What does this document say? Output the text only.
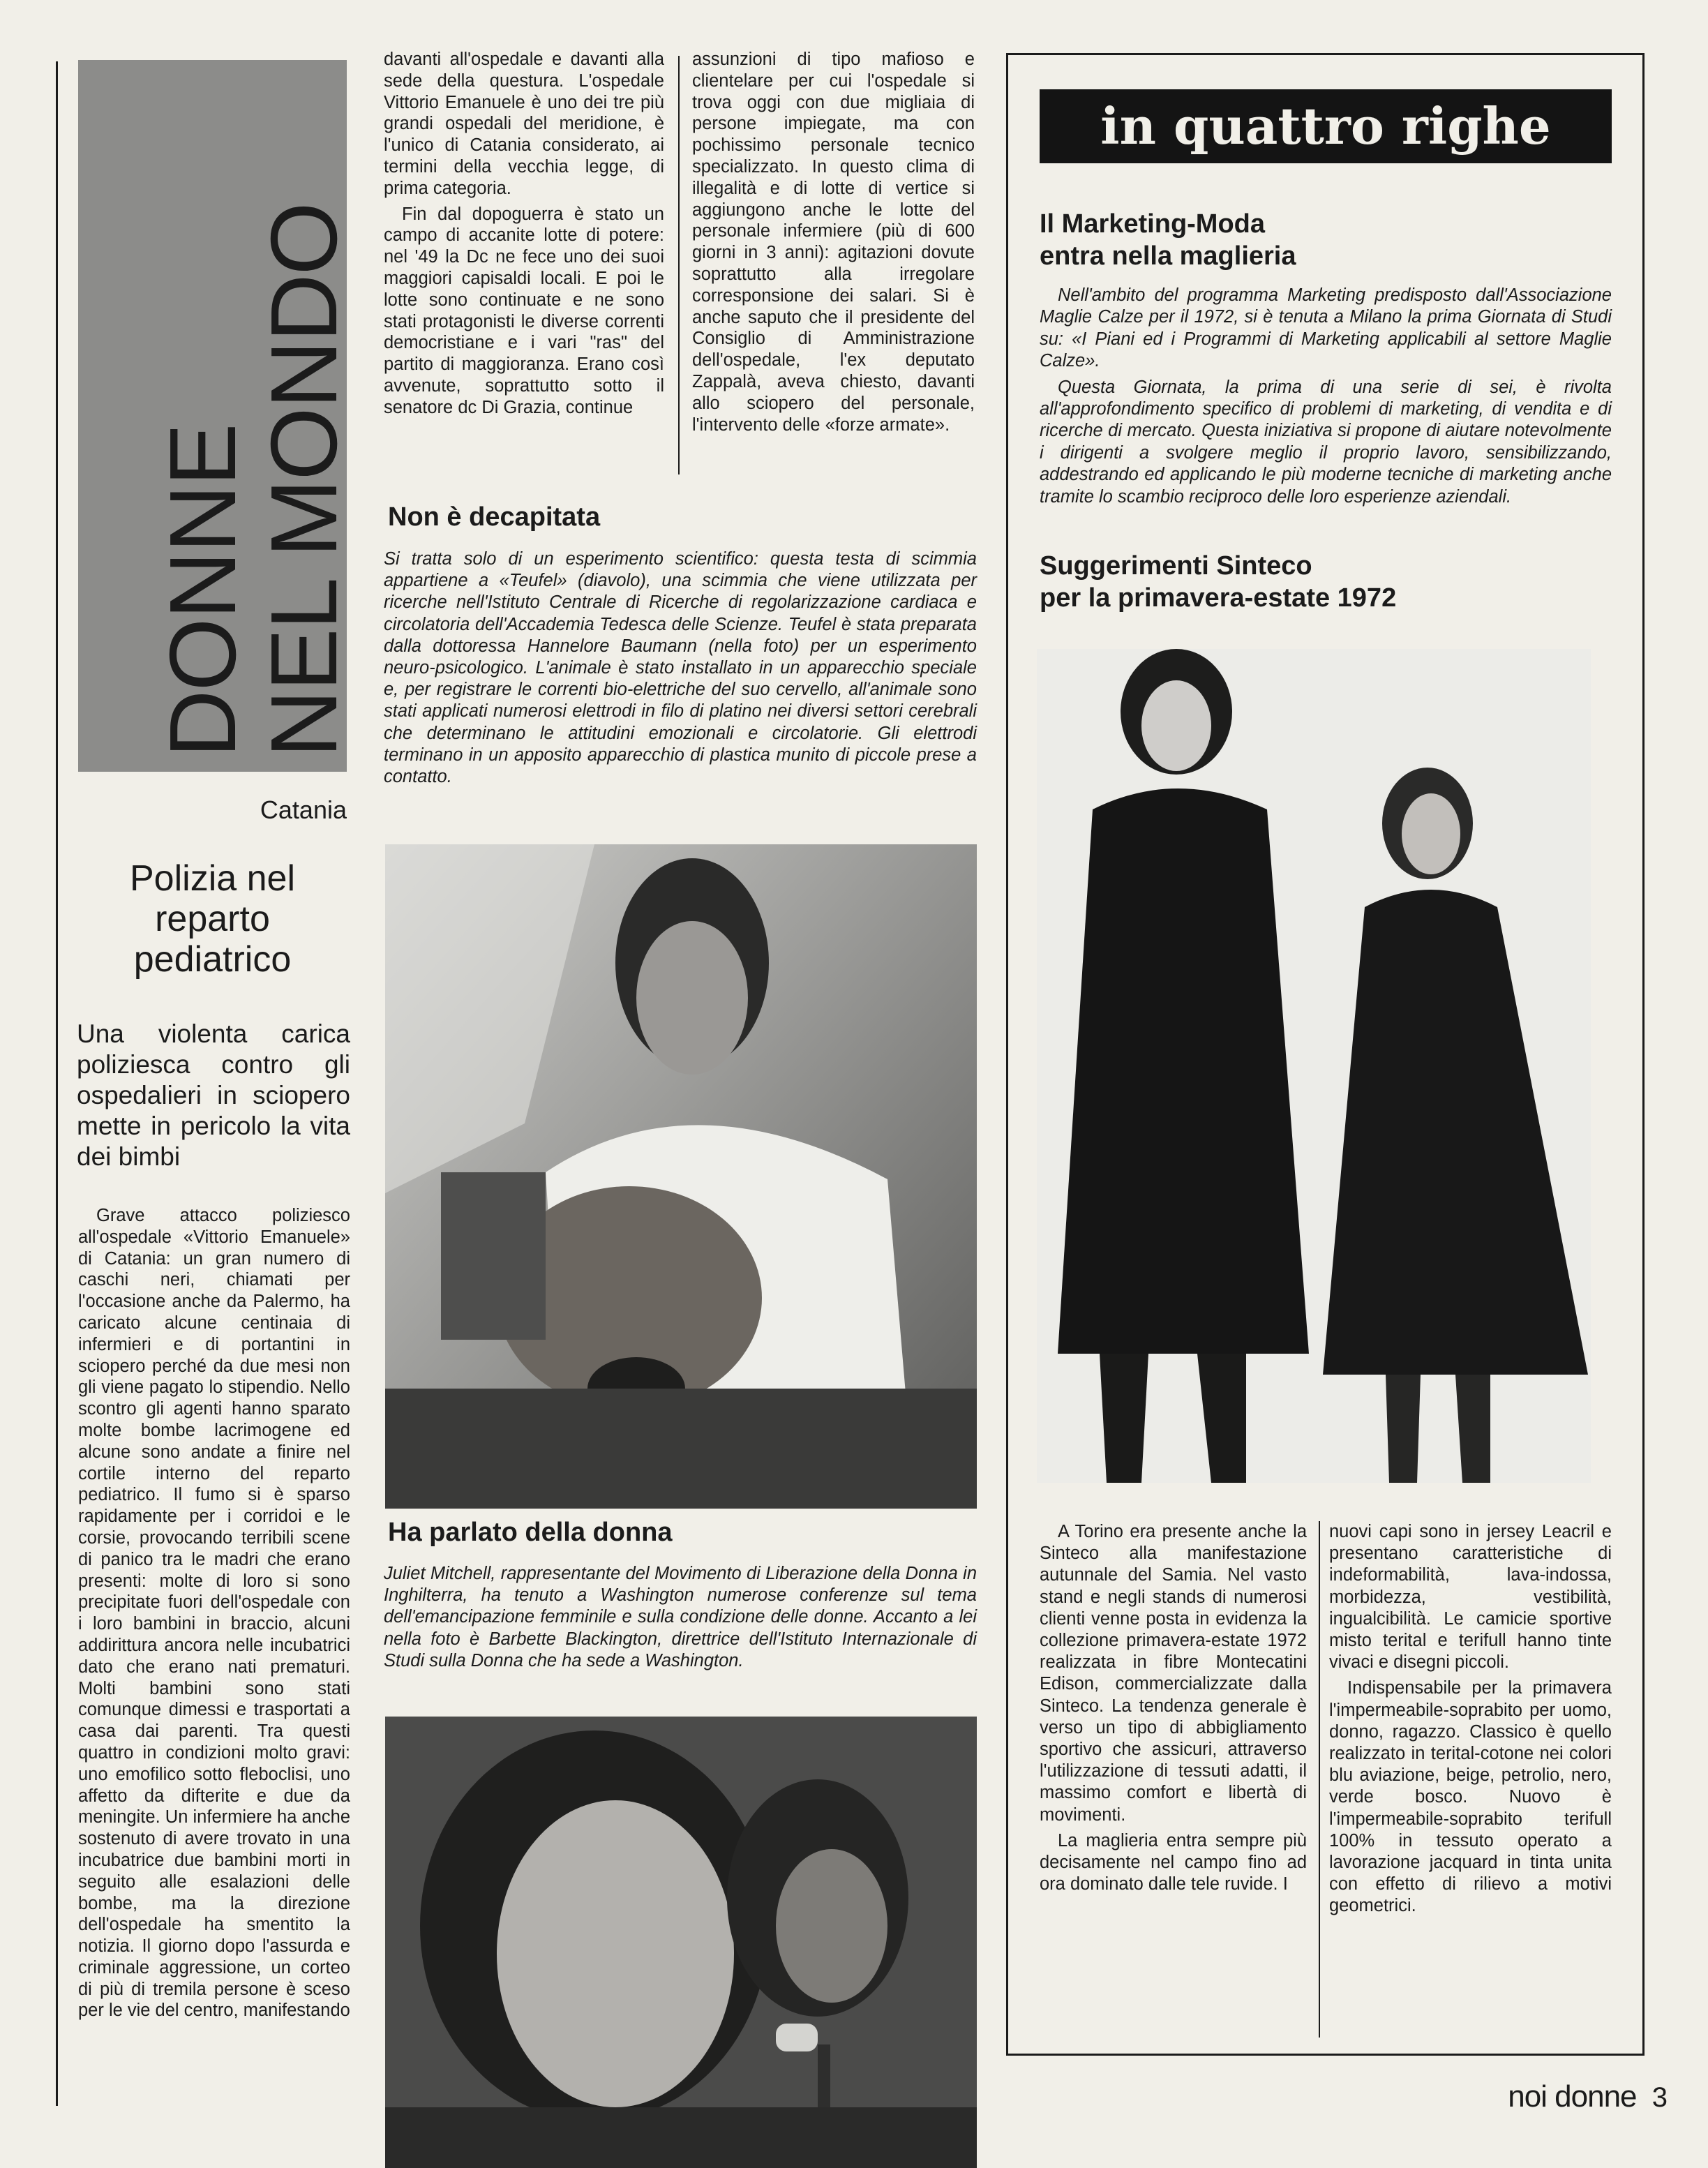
DONNE
NEL MONDO
Catania
Polizia nel reparto pediatrico
Una violenta carica poliziesca contro gli ospedalieri in sciopero mette in pericolo la vita dei bimbi

Grave attacco poliziesco all'ospedale «Vittorio Emanuele» di Catania: un gran numero di caschi neri, chiamati per l'occasione anche da Palermo, ha caricato alcune centinaia di infermieri e di portantini in sciopero perché da due mesi non gli viene pagato lo stipendio. Nello scontro gli agenti hanno sparato molte bombe lacrimogene ed alcune sono andate a finire nel cortile interno del reparto pediatrico. Il fumo si è sparso rapidamente per i corridoi e le corsie, provocando terribili scene di panico tra le madri che erano presenti: molte di loro si sono precipitate fuori dell'ospedale con i loro bambini in braccio, alcuni addirittura ancora nelle incubatrici dato che erano nati prematuri. Molti bambini sono stati comunque dimessi e trasportati a casa dai parenti. Tra questi quattro in condizioni molto gravi: uno emofilico sotto fleboclisi, uno affetto da difterite e due da meningite. Un infermiere ha anche sostenuto di avere trovato in una incubatrice due bambini morti in seguito alle esalazioni delle bombe, ma la direzione dell'ospedale ha smentito la notizia. Il giorno dopo l'assurda e criminale aggressione, un corteo di più di tremila persone è sceso per le vie del centro, manifestando

davanti all'ospedale e davanti alla sede della questura. L'ospedale Vittorio Emanuele è uno dei tre più grandi ospedali del meridione, è l'unico di Catania considerato, ai termini della vecchia legge, di prima categoria.

Fin dal dopoguerra è stato un campo di accanite lotte di potere: nel '49 la Dc ne fece uno dei suoi maggiori capisaldi locali. E poi le lotte sono continuate e ne sono stati protagonisti le diverse correnti democristiane e i vari "ras" del partito di maggioranza. Erano così avvenute, soprattutto sotto il senatore dc Di Grazia, continue

assunzioni di tipo mafioso e clientelare per cui l'ospedale si trova oggi con due migliaia di persone impiegate, ma con pochissimo personale tecnico specializzato. In questo clima di illegalità e di lotte di vertice si aggiungono anche le lotte del personale infermiere (più di 600 giorni in 3 anni): agitazioni dovute soprattutto alla irregolare corresponsione dei salari. Si è anche saputo che il presidente del Consiglio di Amministrazione dell'ospedale, l'ex deputato Zappalà, aveva chiesto, davanti allo sciopero del personale, l'intervento delle «forze armate».

Non è decapitata

Si tratta solo di un esperimento scientifico: questa testa di scimmia appartiene a «Teufel» (diavolo), una scimmia che viene utilizzata per ricerche nell'Istituto Centrale di Ricerche di regolarizzazione cardiaca e circolatoria dell'Accademia Tedesca delle Scienze. Teufel è stata preparata dalla dottoressa Hannelore Baumann (nella foto) per un esperimento neuro-psicologico. L'animale è stato installato in un apparecchio speciale e, per registrare le correnti bio-elettriche del suo cervello, all'animale sono stati applicati numerosi elettrodi in filo di platino nei diversi settori cerebrali che determinano le attitudini emozionali e circolatorie. Gli elettrodi terminano in un apposito apparecchio di plastica munito di piccole prese a contatto.

Ha parlato della donna

Juliet Mitchell, rappresentante del Movimento di Liberazione della Donna in Inghilterra, ha tenuto a Washington numerose conferenze sul tema dell'emancipazione femminile e sulla condizione delle donne. Accanto a lei nella foto è Barbette Blackington, direttrice dell'Istituto Internazionale di Studi sulla Donna che ha sede a Washington.

in quattro righe
Il Marketing-Moda
entra nella maglieria

Nell'ambito del programma Marketing predisposto dall'Associazione Maglie Calze per il 1972, si è tenuta a Milano la prima Giornata di Studi su: «I Piani ed i Programmi di Marketing applicabili al settore Maglie Calze».

Questa Giornata, la prima di una serie di sei, è rivolta all'approfondimento specifico di problemi di marketing, di vendita e di ricerche di mercato. Questa iniziativa si propone di aiutare notevolmente i dirigenti a svolgere meglio il proprio lavoro, sensibilizzando, addestrando ed applicando le più moderne tecniche di marketing anche tramite lo scambio reciproco delle loro esperienze aziendali.

Suggerimenti Sinteco
per la primavera-estate 1972

A Torino era presente anche la Sinteco alla manifestazione autunnale del Samia. Nel vasto stand e negli stands di numerosi clienti venne posta in evidenza la collezione primavera-estate 1972 realizzata in fibre Montecatini Edison, commercializzate dalla Sinteco. La tendenza generale è verso un tipo di abbigliamento sportivo che assicuri, attraverso l'utilizzazione di tessuti adatti, il massimo comfort e libertà di movimenti.

La maglieria entra sempre più decisamente nel campo fino ad ora dominato dalle tele ruvide. I

nuovi capi sono in jersey Leacril e presentano caratteristiche di indeformabilità, lava-indossa, morbidezza, vestibilità, ingualcibilità. Le camicie sportive misto terital e terifull hanno tinte vivaci e disegni piccoli.

Indispensabile per la primavera l'impermeabile-soprabito per uomo, donno, ragazzo. Classico è quello realizzato in terital-cotone nei colori blu aviazione, beige, petrolio, nero, verde bosco. Nuovo è l'impermeabile-soprabito terifull 100% in tessuto operato a lavorazione jacquard in tinta unita con effetto di rilievo a motivi geometrici.

noi donne 3
